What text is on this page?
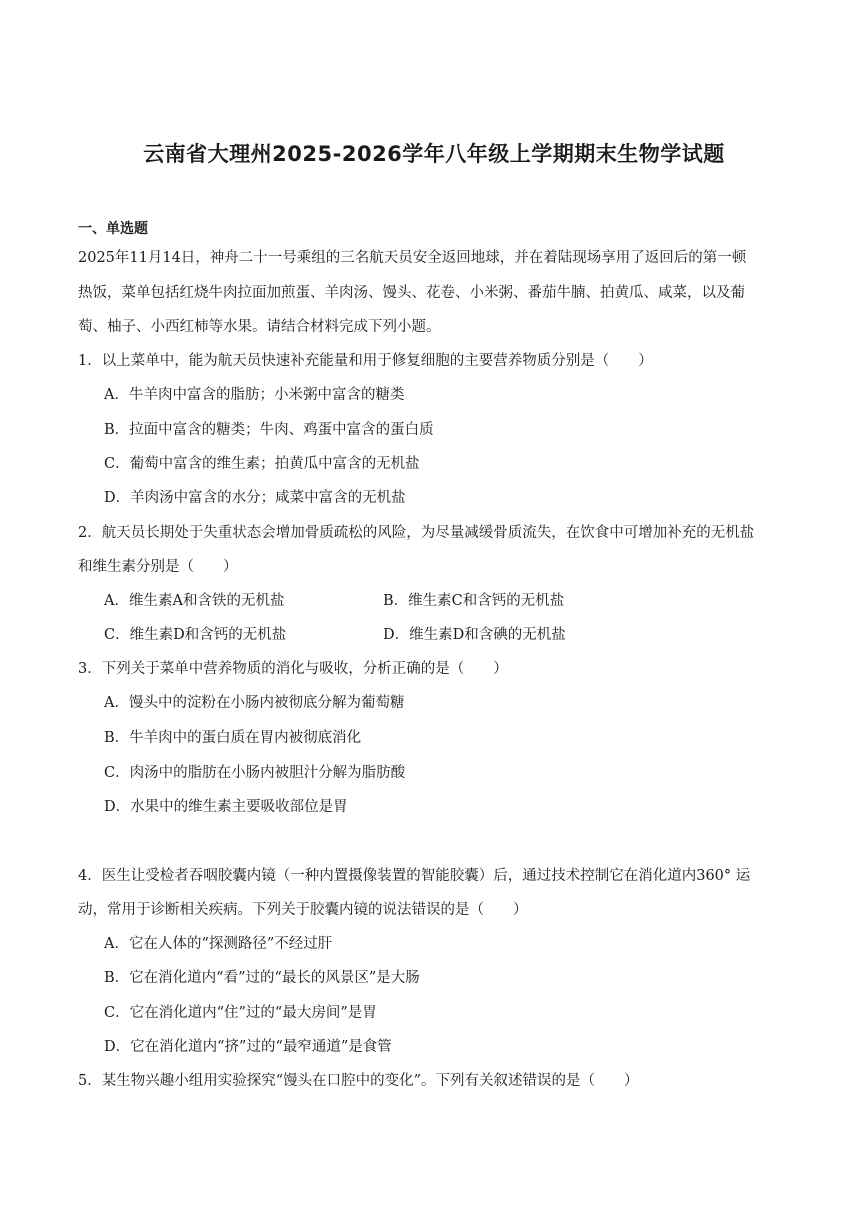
云南省大理州2025-2026学年八年级上学期期末生物学试题
一、单选题
2025年11月14日，神舟二十一号乘组的三名航天员安全返回地球，并在着陆现场享用了返回后的第一顿
热饭，菜单包括红烧牛肉拉面加煎蛋、羊肉汤、馒头、花卷、小米粥、番茄牛腩、拍黄瓜、咸菜，以及葡
萄、柚子、小西红柿等水果。请结合材料完成下列小题。
1．以上菜单中，能为航天员快速补充能量和用于修复细胞的主要营养物质分别是（　　）
A．牛羊肉中富含的脂肪；小米粥中富含的糖类
B．拉面中富含的糖类；牛肉、鸡蛋中富含的蛋白质
C．葡萄中富含的维生素；拍黄瓜中富含的无机盐
D．羊肉汤中富含的水分；咸菜中富含的无机盐
2．航天员长期处于失重状态会增加骨质疏松的风险，为尽量减缓骨质流失，在饮食中可增加补充的无机盐
和维生素分别是（　　）
A．维生素A和含铁的无机盐	B．维生素C和含钙的无机盐
C．维生素D和含钙的无机盐	D．维生素D和含碘的无机盐
3．下列关于菜单中营养物质的消化与吸收，分析正确的是（　　）
A．馒头中的淀粉在小肠内被彻底分解为葡萄糖
B．牛羊肉中的蛋白质在胃内被彻底消化
C．肉汤中的脂肪在小肠内被胆汁分解为脂肪酸
D．水果中的维生素主要吸收部位是胃
4．医生让受检者吞咽胶囊内镜（一种内置摄像装置的智能胶囊）后，通过技术控制它在消化道内360° 运
动，常用于诊断相关疾病。下列关于胶囊内镜的说法错误的是（　　）
A．它在人体的“探测路径”不经过肝
B．它在消化道内“看”过的“最长的风景区”是大肠
C．它在消化道内“住”过的“最大房间”是胃
D．它在消化道内“挤”过的“最窄通道”是食管
5．某生物兴趣小组用实验探究“馒头在口腔中的变化”。下列有关叙述错误的是（　　）
